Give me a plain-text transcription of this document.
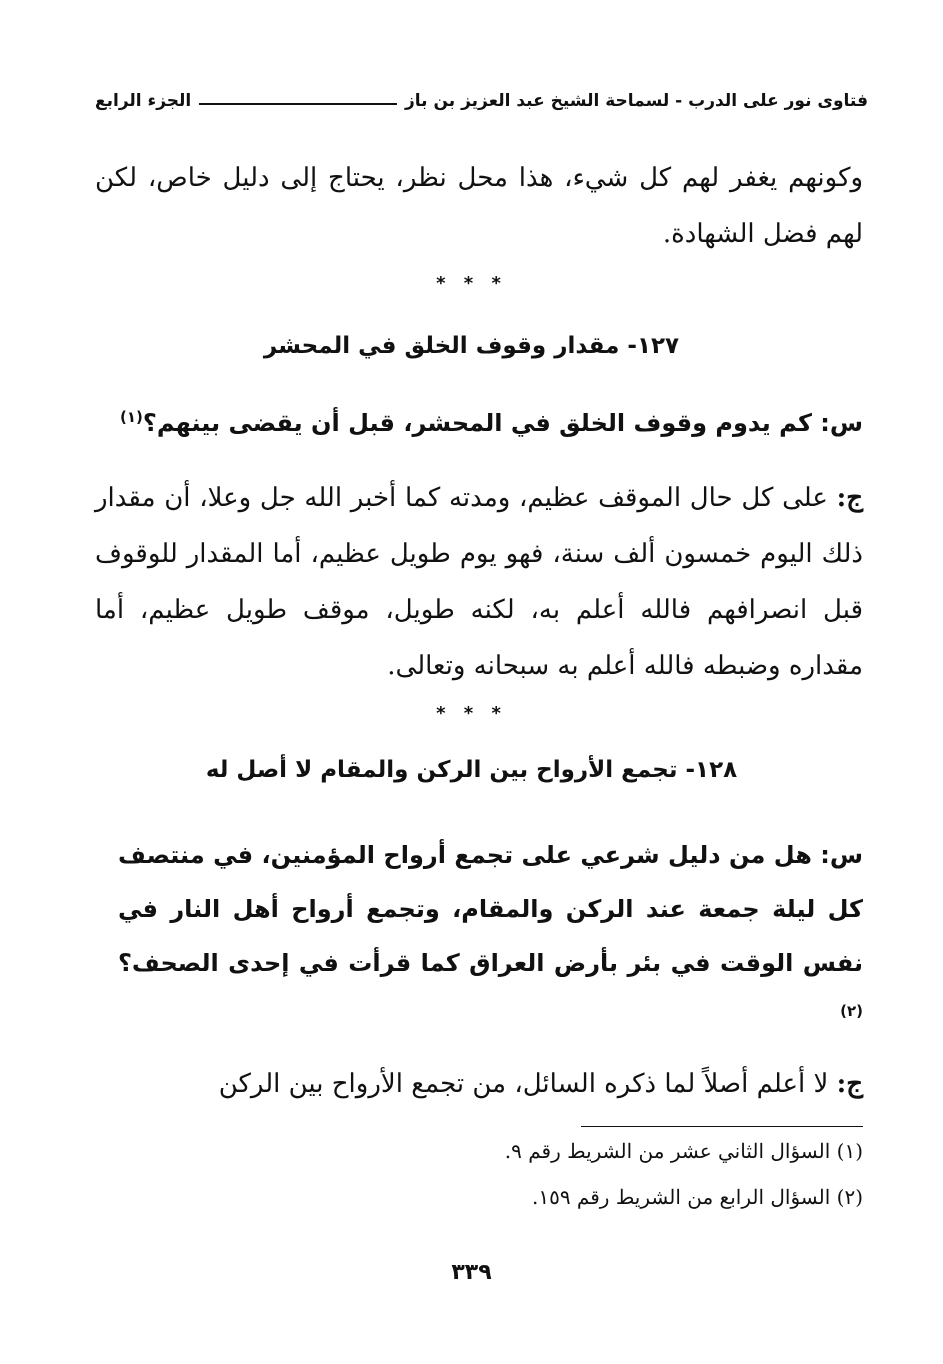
فتاوى نور على الدرب - لسماحة الشيخ عبد العزيز بن باز
الجزء الرابع
وكونهم يغفر لهم كل شيء، هذا محل نظر، يحتاج إلى دليل خاص، لكن لهم فضل الشهادة.
* * *
١٢٧- مقدار وقوف الخلق في المحشر
س: كم يدوم وقوف الخلق في المحشر، قبل أن يقضى بينهم؟$^{(١)}$
ج: على كل حال الموقف عظيم، ومدته كما أخبر الله جل وعلا، أن مقدار ذلك اليوم خمسون ألف سنة، فهو يوم طويل عظيم، أما المقدار للوقوف قبل انصرافهم فالله أعلم به، لكنه طويل، موقف طويل عظيم، أما مقداره وضبطه فالله أعلم به سبحانه وتعالى.
* * *
١٢٨- تجمع الأرواح بين الركن والمقام لا أصل له
س: هل من دليل شرعي على تجمع أرواح المؤمنين، في منتصف كل ليلة جمعة عند الركن والمقام، وتجمع أرواح أهل النار في نفس الوقت في بئر بأرض العراق كما قرأت في إحدى الصحف؟$^{(٢)}$
ج: لا أعلم أصلاً لما ذكره السائل، من تجمع الأرواح بين الركن
(١) السؤال الثاني عشر من الشريط رقم ٩.
(٢) السؤال الرابع من الشريط رقم ١٥٩.
٣٣٩
